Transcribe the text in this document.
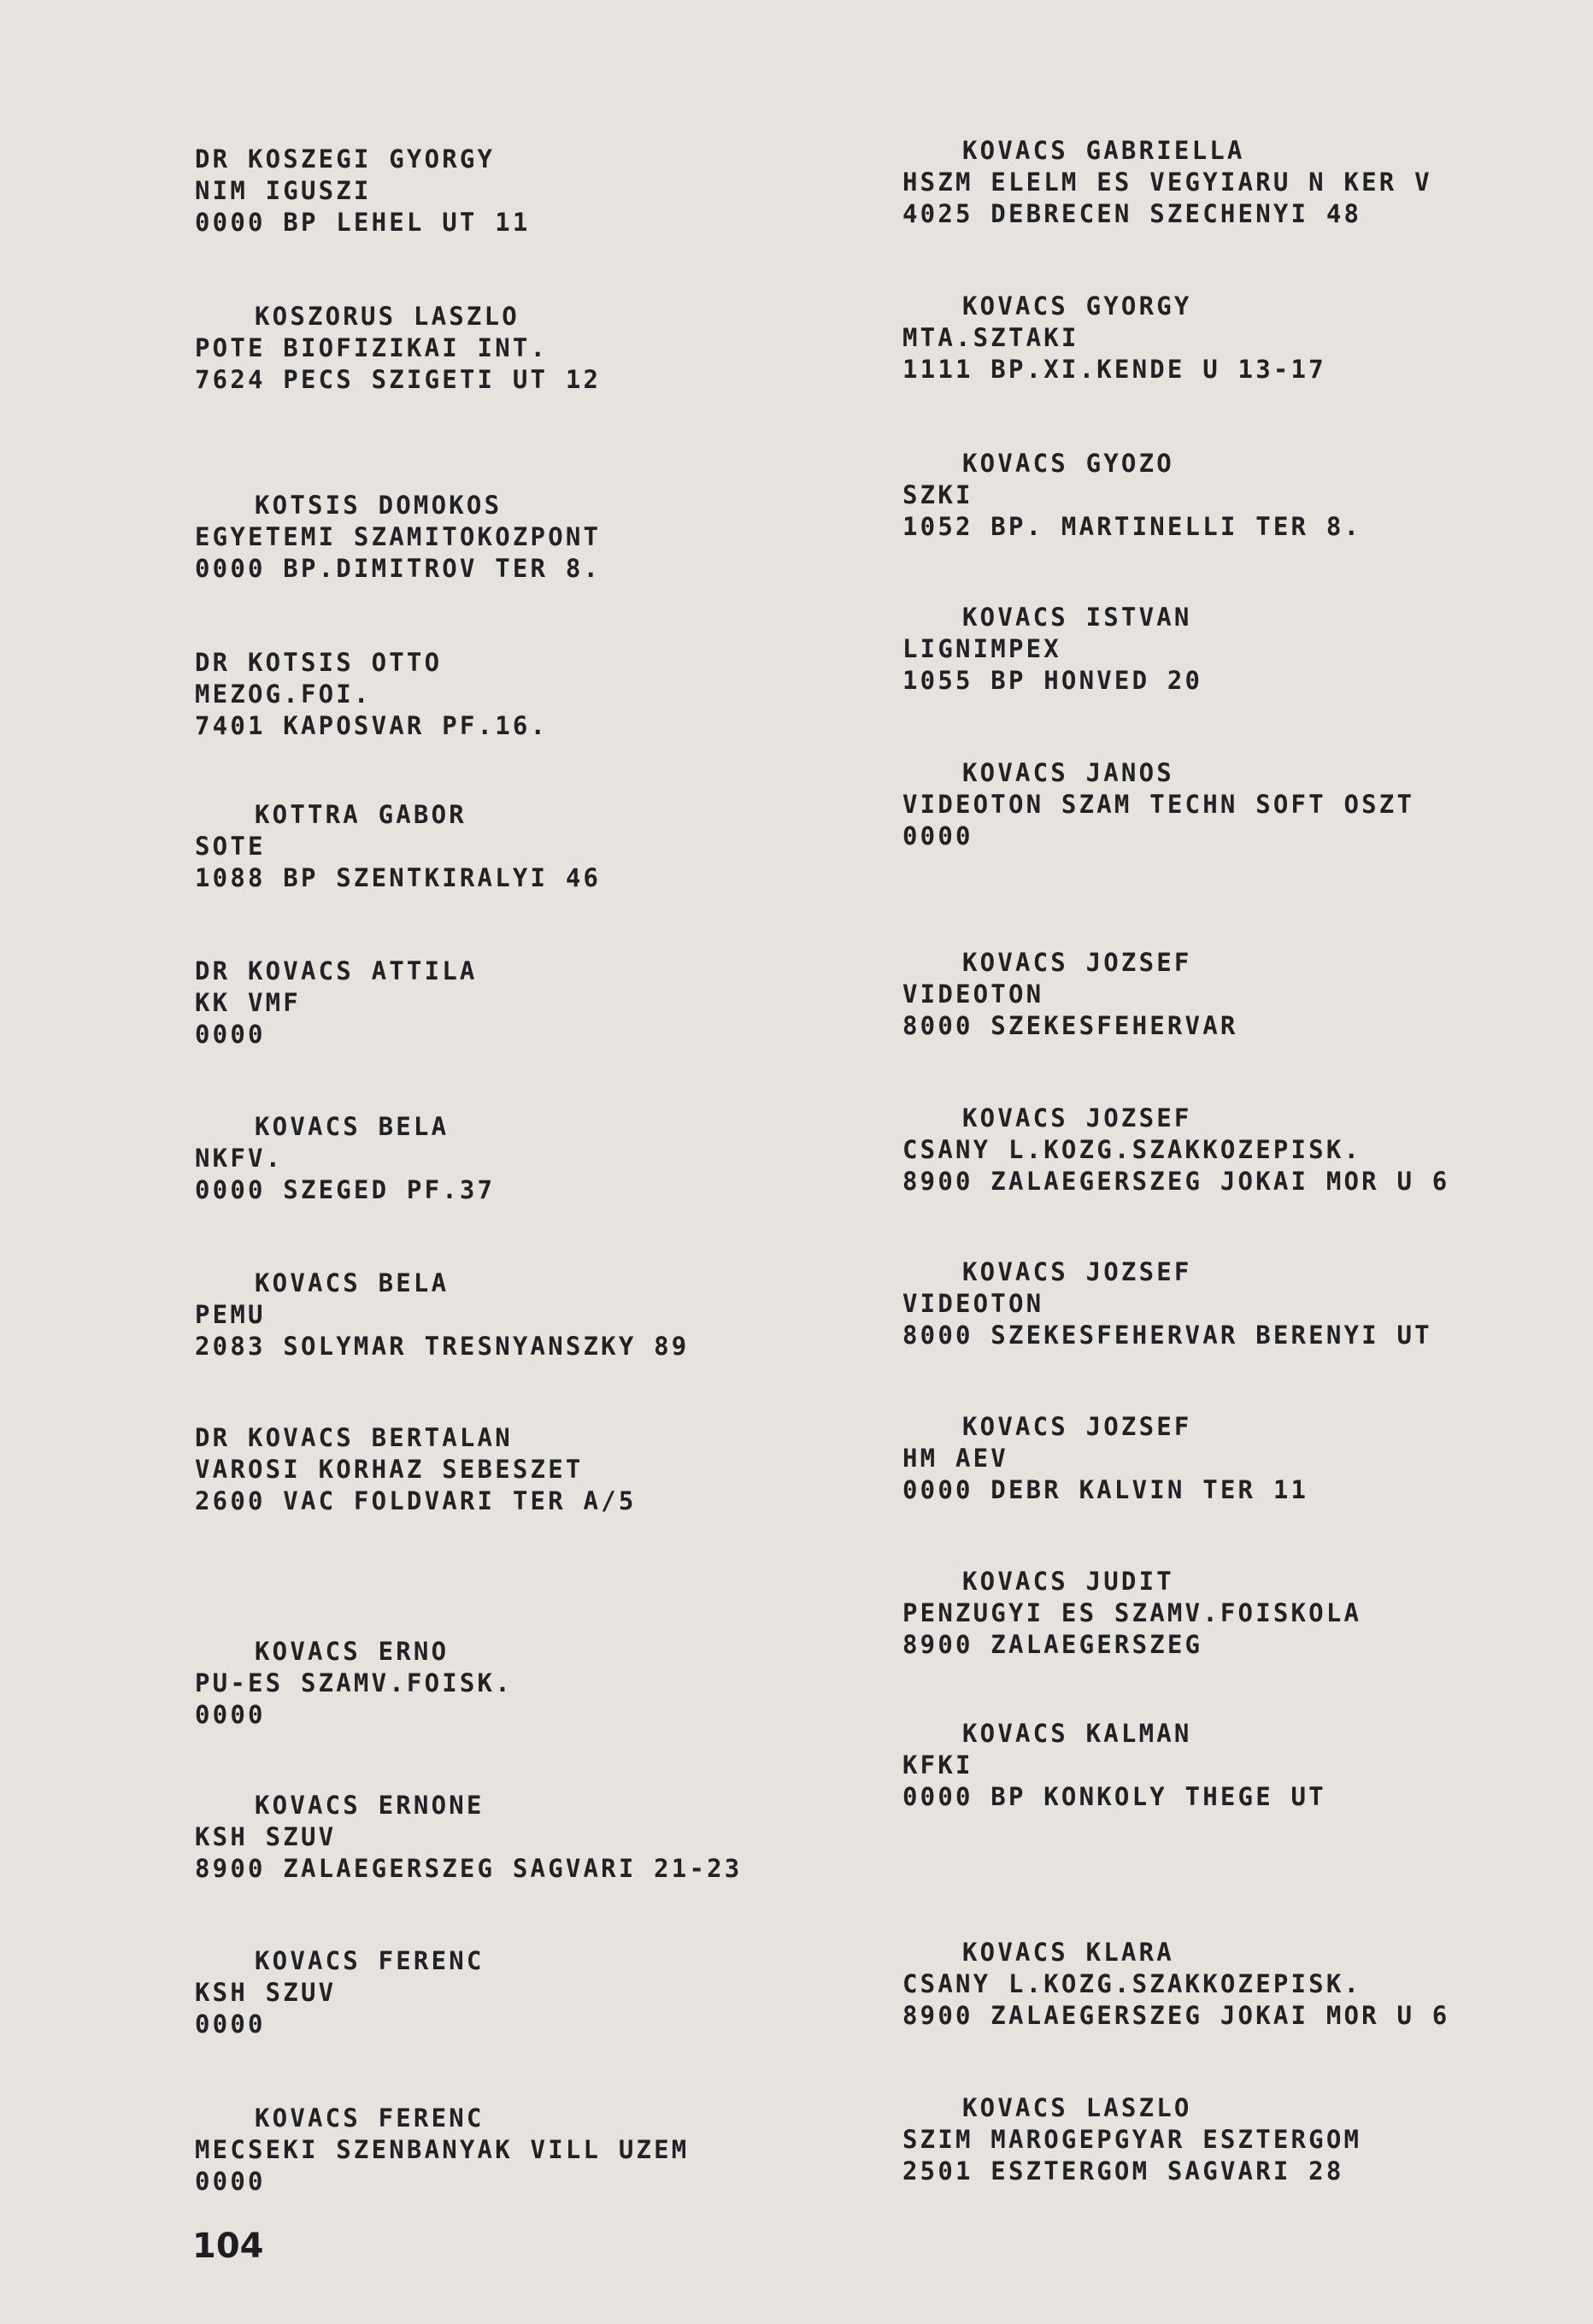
DR KOSZEGI GYORGY
NIM IGUSZI
0000 BP LEHEL UT 11
KOSZORUS LASZLO
POTE BIOFIZIKAI INT.
7624 PECS SZIGETI UT 12
KOTSIS DOMOKOS
EGYETEMI SZAMITOKOZPONT
0000 BP.DIMITROV TER 8.
DR KOTSIS OTTO
MEZOG.FOI.
7401 KAPOSVAR PF.16.
KOTTRA GABOR
SOTE
1088 BP SZENTKIRALYI 46
DR KOVACS ATTILA
KK VMF
0000
KOVACS BELA
NKFV.
0000 SZEGED PF.37
KOVACS BELA
PEMU
2083 SOLYMAR TRESNYANSZKY 89
DR KOVACS BERTALAN
VAROSI KORHAZ SEBESZET
2600 VAC FOLDVARI TER A/5
KOVACS ERNO
PU-ES SZAMV.FOISK.
0000
KOVACS ERNONE
KSH SZUV
8900 ZALAEGERSZEG SAGVARI 21-23
KOVACS FERENC
KSH SZUV
0000
KOVACS FERENC
MECSEKI SZENBANYAK VILL UZEM
0000
KOVACS GABRIELLA
HSZM ELELM ES VEGYIARU N KER V
4025 DEBRECEN SZECHENYI 48
KOVACS GYORGY
MTA.SZTAKI
1111 BP.XI.KENDE U 13-17
KOVACS GYOZO
SZKI
1052 BP. MARTINELLI TER 8.
KOVACS ISTVAN
LIGNIMPEX
1055 BP HONVED 20
KOVACS JANOS
VIDEOTON SZAM TECHN SOFT OSZT
0000
KOVACS JOZSEF
VIDEOTON
8000 SZEKESFEHERVAR
KOVACS JOZSEF
CSANY L.KOZG.SZAKKOZEPISK.
8900 ZALAEGERSZEG JOKAI MOR U 6
KOVACS JOZSEF
VIDEOTON
8000 SZEKESFEHERVAR BERENYI UT
KOVACS JOZSEF
HM AEV
0000 DEBR KALVIN TER 11
KOVACS JUDIT
PENZUGYI ES SZAMV.FOISKOLA
8900 ZALAEGERSZEG
KOVACS KALMAN
KFKI
0000 BP KONKOLY THEGE UT
KOVACS KLARA
CSANY L.KOZG.SZAKKOZEPISK.
8900 ZALAEGERSZEG JOKAI MOR U 6
KOVACS LASZLO
SZIM MAROGEPGYAR ESZTERGOM
2501 ESZTERGOM SAGVARI 28
104
